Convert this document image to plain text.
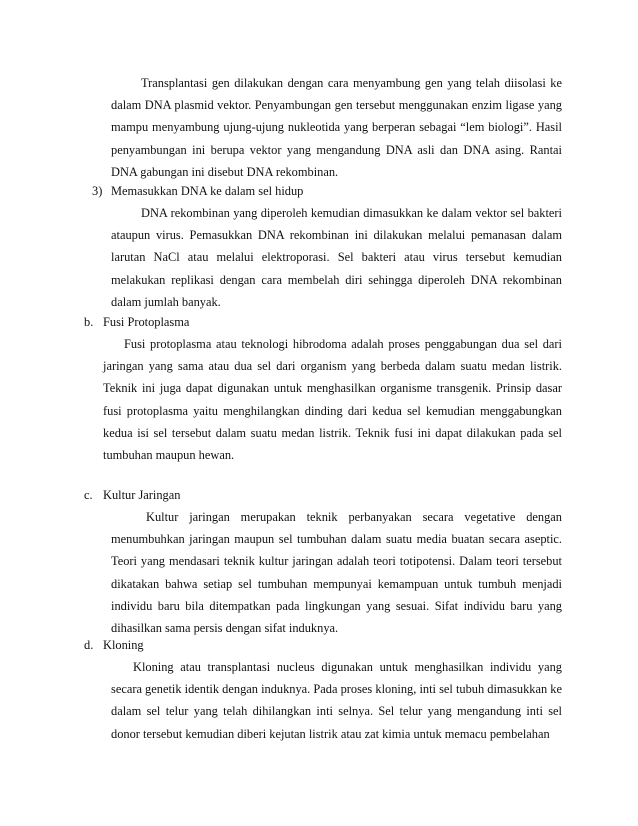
Transplantasi gen dilakukan dengan cara menyambung gen yang telah diisolasi ke dalam DNA plasmid vektor. Penyambungan gen tersebut menggunakan enzim ligase yang mampu menyambung ujung-ujung nukleotida yang berperan sebagai “lem biologi”. Hasil penyambungan ini berupa vektor yang mengandung DNA asli dan DNA asing. Rantai DNA gabungan ini disebut DNA rekombinan.

3) Memasukkan DNA ke dalam sel hidup

DNA rekombinan yang diperoleh kemudian dimasukkan ke dalam vektor sel bakteri ataupun virus. Pemasukkan DNA rekombinan ini dilakukan melalui pemanasan dalam larutan NaCl atau melalui elektroporasi. Sel bakteri atau virus tersebut kemudian melakukan replikasi dengan cara membelah diri sehingga diperoleh DNA rekombinan dalam jumlah banyak.

b. Fusi Protoplasma

Fusi protoplasma atau teknologi hibrodoma adalah proses penggabungan dua sel dari jaringan yang sama atau dua sel dari organism yang berbeda dalam suatu medan listrik. Teknik ini juga dapat digunakan untuk menghasilkan organisme transgenik. Prinsip dasar fusi protoplasma yaitu menghilangkan dinding dari kedua sel kemudian menggabungkan kedua isi sel tersebut dalam suatu medan listrik. Teknik fusi ini dapat dilakukan pada sel tumbuhan maupun hewan.

c. Kultur Jaringan

Kultur jaringan merupakan teknik perbanyakan secara vegetative dengan menumbuhkan jaringan maupun sel tumbuhan dalam suatu media buatan secara aseptic. Teori yang mendasari teknik kultur jaringan adalah teori totipotensi. Dalam teori tersebut dikatakan bahwa setiap sel tumbuhan mempunyai kemampuan untuk tumbuh menjadi individu baru bila ditempatkan pada lingkungan yang sesuai. Sifat individu baru yang dihasilkan sama persis dengan sifat induknya.

d. Kloning

Kloning atau transplantasi nucleus digunakan untuk menghasilkan individu yang secara genetik identik dengan induknya. Pada proses kloning, inti sel tubuh dimasukkan ke dalam sel telur yang telah dihilangkan inti selnya. Sel telur yang mengandung inti sel donor tersebut kemudian diberi kejutan listrik atau zat kimia untuk memacu pembelahan
